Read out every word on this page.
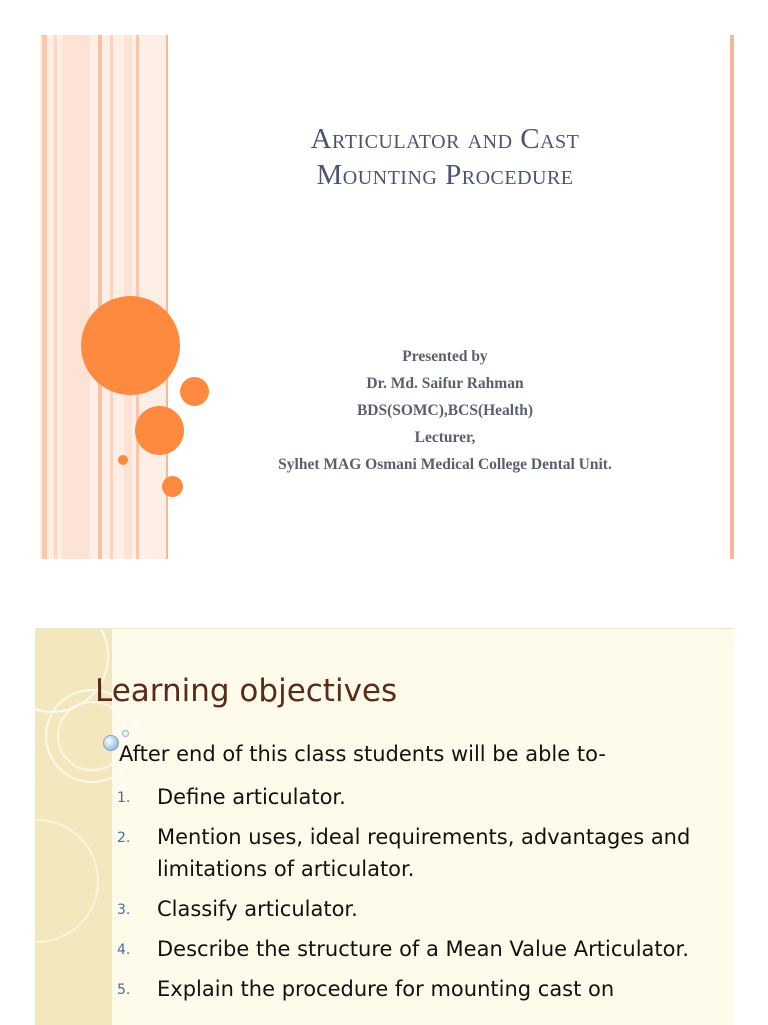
Articulator and Cast
Mounting Procedure
Presented by
Dr. Md. Saifur Rahman
BDS(SOMC),BCS(Health)
Lecturer,
Sylhet MAG Osmani Medical College Dental Unit.
Learning objectives
After end of this class students will be able to-
1. Define articulator.
2. Mention uses, ideal requirements, advantages and limitations of articulator.
3. Classify articulator.
4. Describe the structure of a Mean Value Articulator.
5. Explain the procedure for mounting cast on
